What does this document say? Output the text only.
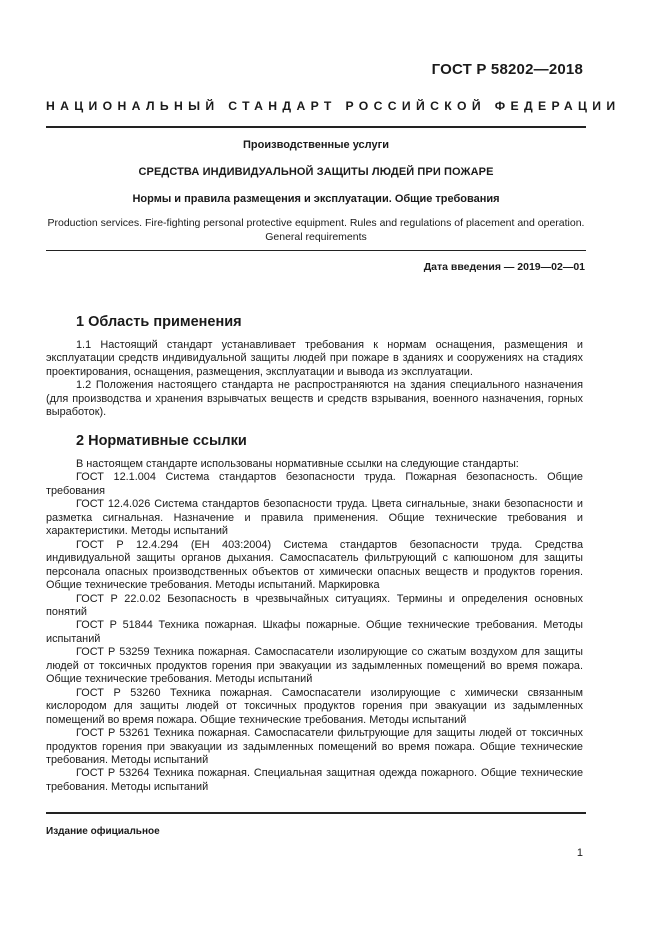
ГОСТ Р 58202—2018
НАЦИОНАЛЬНЫЙ СТАНДАРТ РОССИЙСКОЙ ФЕДЕРАЦИИ
Производственные услуги
СРЕДСТВА ИНДИВИДУАЛЬНОЙ ЗАЩИТЫ ЛЮДЕЙ ПРИ ПОЖАРЕ
Нормы и правила размещения и эксплуатации. Общие требования
Production services. Fire-fighting personal protective equipment. Rules and regulations of placement and operation.
General requirements
Дата введения — 2019—02—01
1 Область применения

1.1 Настоящий стандарт устанавливает требования к нормам оснащения, размещения и эксплуатации средств индивидуальной защиты людей при пожаре в зданиях и сооружениях на стадиях проектирования, оснащения, размещения, эксплуатации и вывода из эксплуатации.

1.2 Положения настоящего стандарта не распространяются на здания специального назначения (для производства и хранения взрывчатых веществ и средств взрывания, военного назначения, горных выработок).

2 Нормативные ссылки

В настоящем стандарте использованы нормативные ссылки на следующие стандарты:

ГОСТ 12.1.004 Система стандартов безопасности труда. Пожарная безопасность. Общие требования

ГОСТ 12.4.026 Система стандартов безопасности труда. Цвета сигнальные, знаки безопасности и разметка сигнальная. Назначение и правила применения. Общие технические требования и характеристики. Методы испытаний

ГОСТ Р 12.4.294 (ЕН 403:2004) Система стандартов безопасности труда. Средства индивидуальной защиты органов дыхания. Самоспасатель фильтрующий с капюшоном для защиты персонала опасных производственных объектов от химически опасных веществ и продуктов горения. Общие технические требования. Методы испытаний. Маркировка

ГОСТ Р 22.0.02 Безопасность в чрезвычайных ситуациях. Термины и определения основных понятий

ГОСТ Р 51844 Техника пожарная. Шкафы пожарные. Общие технические требования. Методы испытаний

ГОСТ Р 53259 Техника пожарная. Самоспасатели изолирующие со сжатым воздухом для защиты людей от токсичных продуктов горения при эвакуации из задымленных помещений во время пожара. Общие технические требования. Методы испытаний

ГОСТ Р 53260 Техника пожарная. Самоспасатели изолирующие с химически связанным кислородом для защиты людей от токсичных продуктов горения при эвакуации из задымленных помещений во время пожара. Общие технические требования. Методы испытаний

ГОСТ Р 53261 Техника пожарная. Самоспасатели фильтрующие для защиты людей от токсичных продуктов горения при эвакуации из задымленных помещений во время пожара. Общие технические требования. Методы испытаний

ГОСТ Р 53264 Техника пожарная. Специальная защитная одежда пожарного. Общие технические требования. Методы испытаний

Издание официальное
1
